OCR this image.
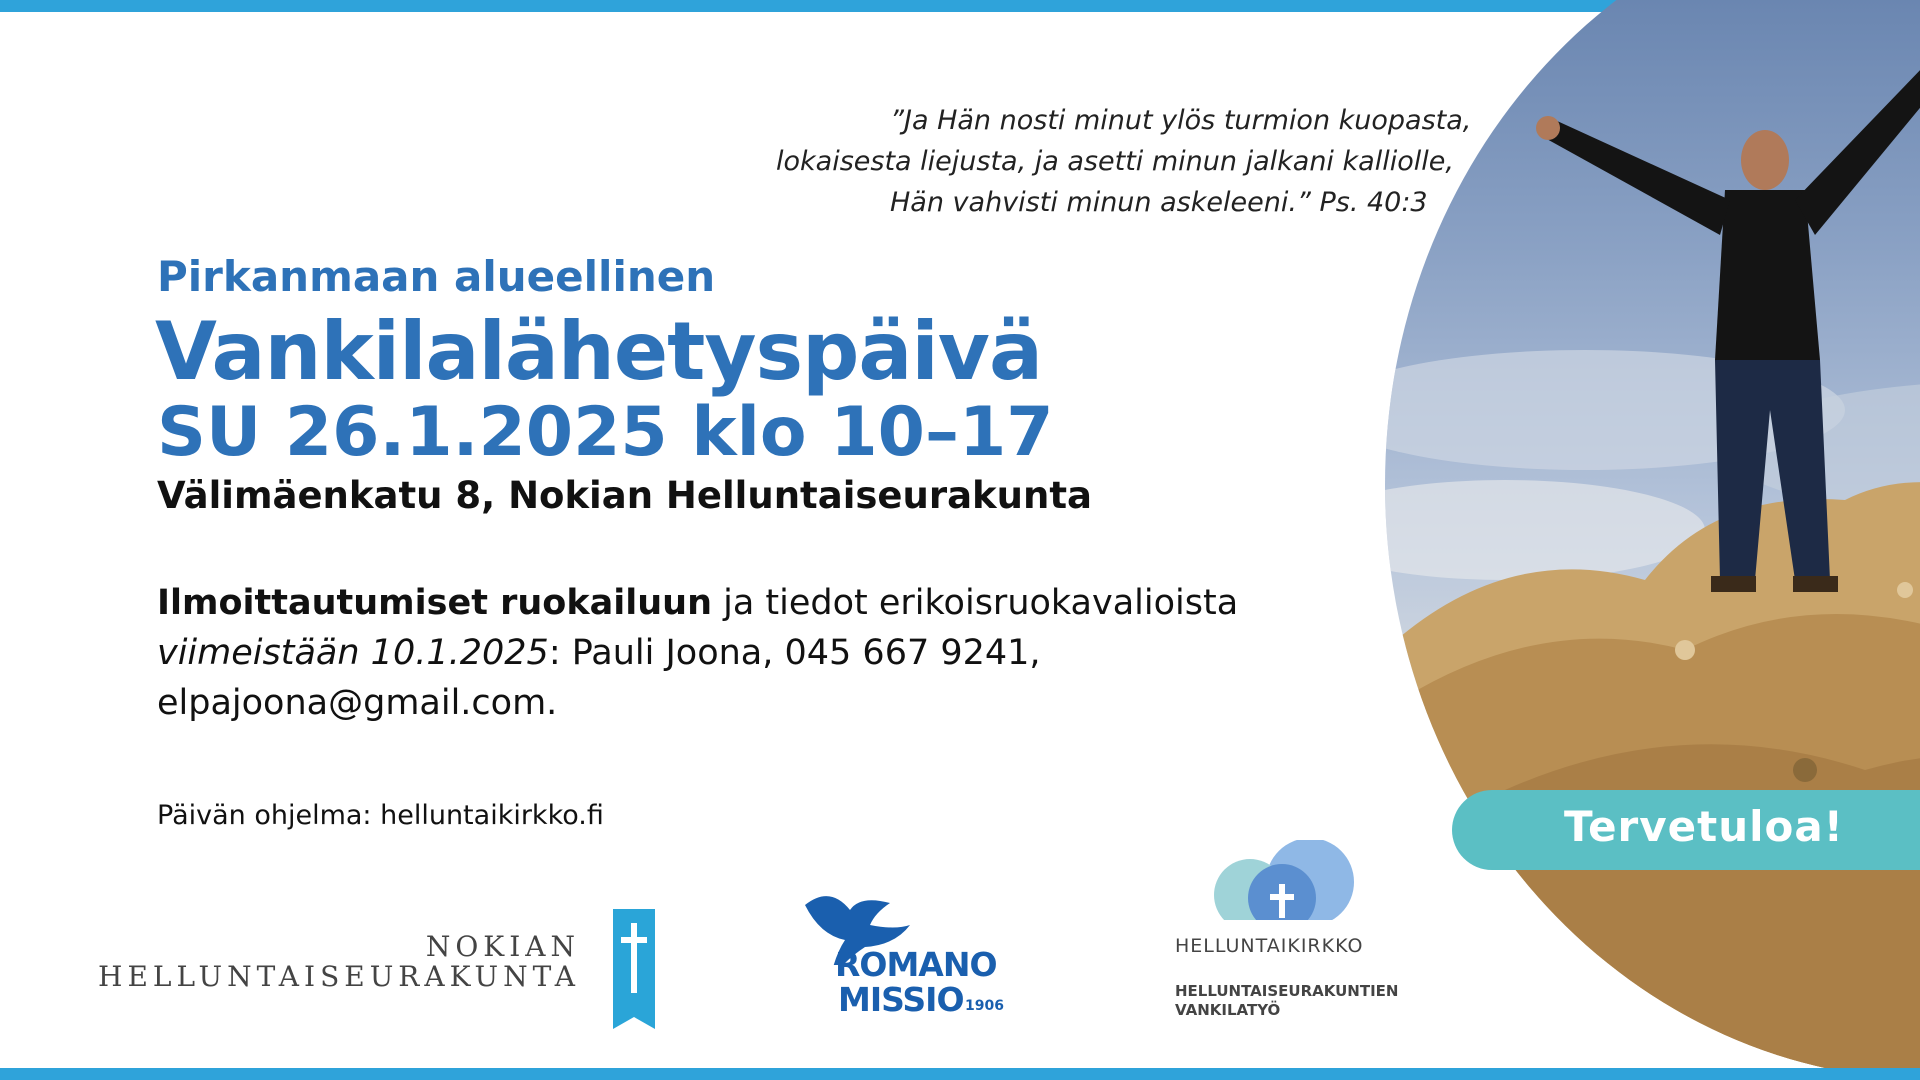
”Ja Hän nosti minut ylös turmion kuopasta,
lokaisesta liejusta, ja asetti minun jalkani kalliolle,
Hän vahvisti minun askeleeni.” Ps. 40:3
Pirkanmaan alueellinen
Vankilalähetyspäivä
SU 26.1.2025 klo 10–17
Välimäenkatu 8, Nokian Helluntaiseurakunta
Ilmoittautumiset ruokailuun ja tiedot erikoisruokavalioista
viimeistään 10.1.2025: Pauli Joona, 045 667 9241,
elpajoona@gmail.com.
Päivän ohjelma: helluntaikirkko.fi	Tervetuloa!
NOKIAN
HELLUNTAISEURAKUNTA	ROMANO
MISSIO 1906
HELLUNTAIKIRKKO
HELLUNTAISEURAKUNTIEN
VANKILATYÖ
